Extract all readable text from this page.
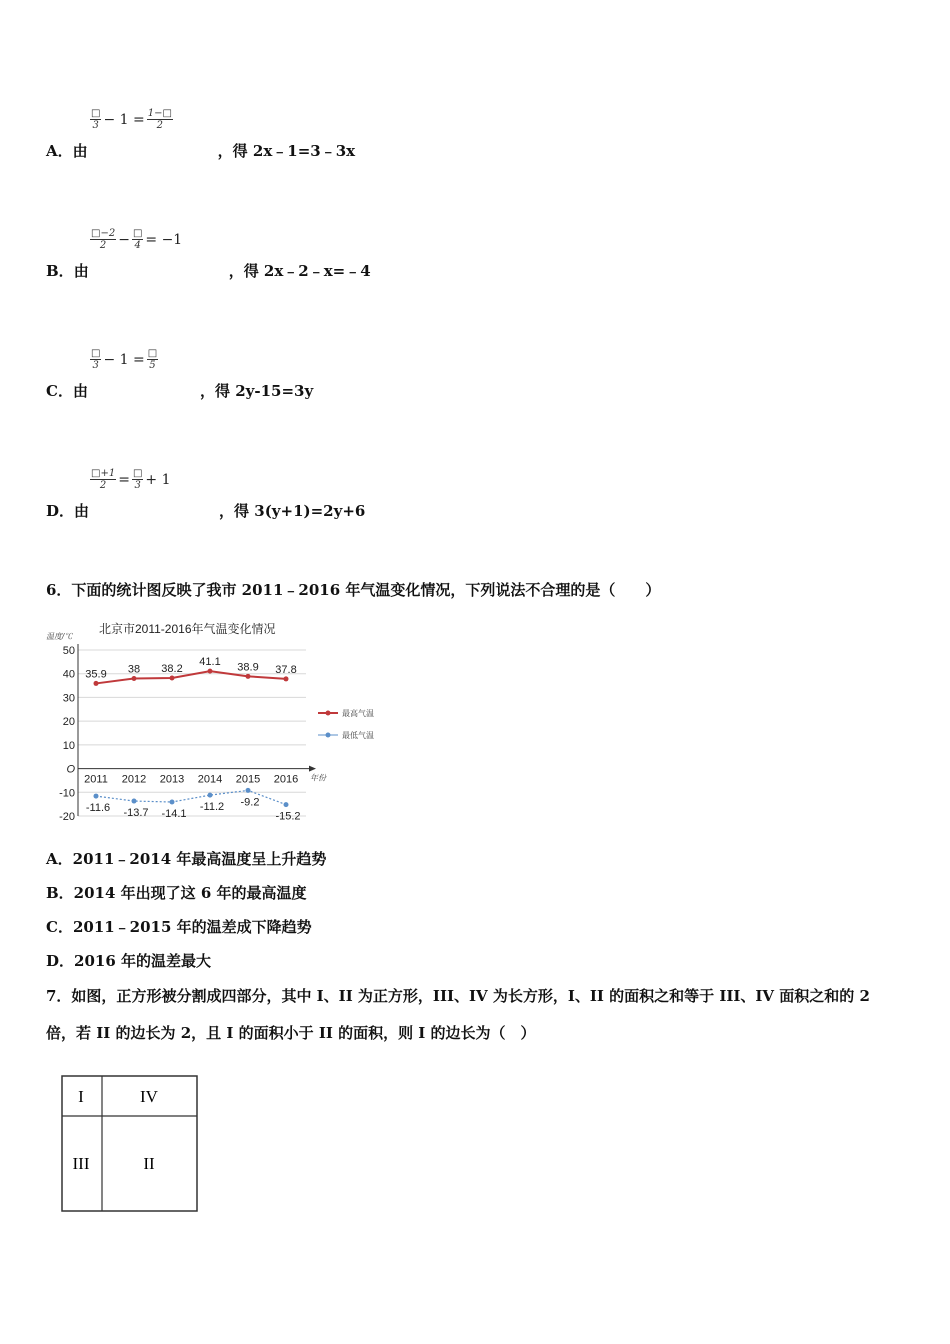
$\frac{□}{3} - 1 = \frac{1-□}{2}$
A．由	，得 2x﹣1=3﹣3x
$\frac{□-2}{2} - \frac{□}{4} = -1$
B．由	，得 2x﹣2﹣x=﹣4
$\frac{□}{3} - 1 = \frac{□}{5}$
C．由	，得 2y-15=3y
$\frac{□+1}{2} = \frac{□}{3} + 1$
D．由	，得 3(y+1)=2y+6
6．下面的统计图反映了我市 2011﹣2016 年气温变化情况，下列说法不合理的是（　　）
北京市2011-2016年气温变化情况
温度/℃
50
40
30
20
10
O
-10
-20
年份
2011 2012 2013 2014 2015 2016
35.9 38 38.2
41.1 38.9 37.8
-11.6 -13.7 -14.1
-11.2 -9.2
-15.2
最高气温
最低气温
A．2011﹣2014 年最高温度呈上升趋势
B．2014 年出现了这 6 年的最高温度
C．2011﹣2015 年的温差成下降趋势
D．2016 年的温差最大
7．如图，正方形被分割成四部分，其中 I、II 为正方形，III、IV 为长方形，I、II 的面积之和等于 III、IV 面积之和的 2
倍，若 II 的边长为 2，且 I 的面积小于 II 的面积，则 I 的边长为（　）
I	IV
III	II
